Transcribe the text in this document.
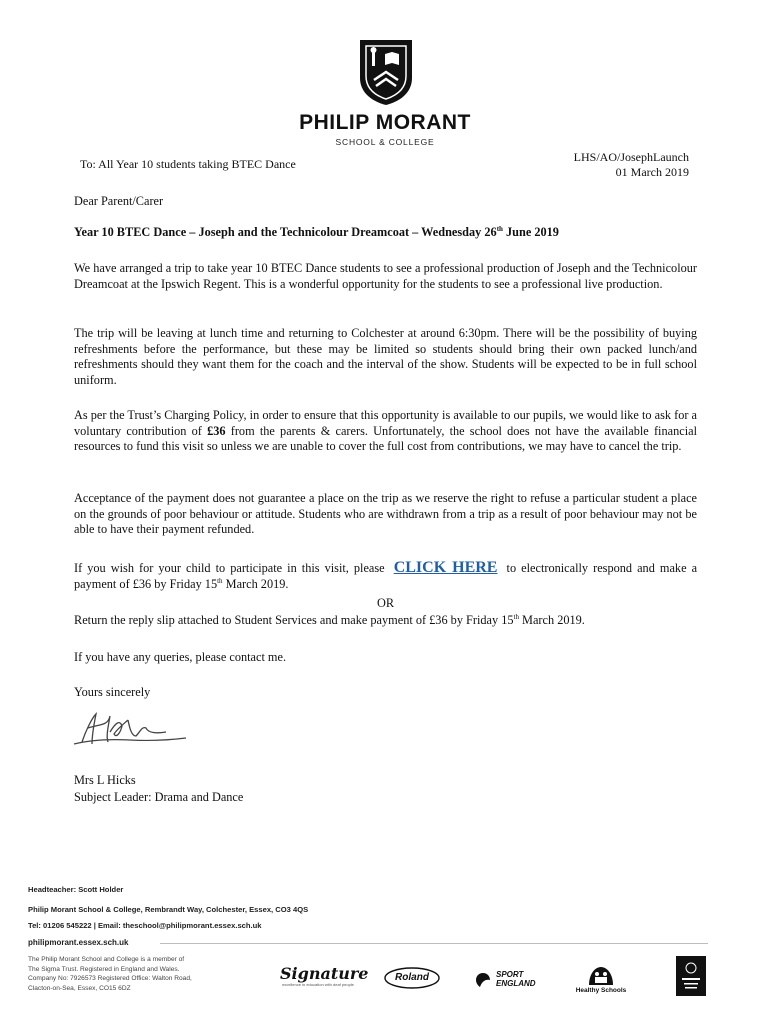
PHILIP MORANT
SCHOOL & COLLEGE
To: All Year 10 students taking BTEC Dance	LHS/AO/JosephLaunch
01 March 2019

Dear Parent/Carer

Year 10 BTEC Dance – Joseph and the Technicolour Dreamcoat – Wednesday 26th June 2019

We have arranged a trip to take year 10 BTEC Dance students to see a professional production of Joseph and the Technicolour Dreamcoat at the Ipswich Regent. This is a wonderful opportunity for the students to see a professional live production.

The trip will be leaving at lunch time and returning to Colchester at around 6:30pm. There will be the possibility of buying refreshments before the performance, but these may be limited so students should bring their own packed lunch/and refreshments should they want them for the coach and the interval of the show. Students will be expected to be in full school uniform.

As per the Trust’s Charging Policy, in order to ensure that this opportunity is available to our pupils, we would like to ask for a voluntary contribution of £36 from the parents & carers. Unfortunately, the school does not have the available financial resources to fund this visit so unless we are unable to cover the full cost from contributions, we may have to cancel the trip.

Acceptance of the payment does not guarantee a place on the trip as we reserve the right to refuse a particular student a place on the grounds of poor behaviour or attitude. Students who are withdrawn from a trip as a result of poor behaviour may not be able to have their payment refunded.

If you wish for your child to participate in this visit, please CLICK HERE to electronically respond and make a payment of £36 by Friday 15th March 2019.

OR

Return the reply slip attached to Student Services and make payment of £36 by Friday 15th March 2019.

If you have any queries, please contact me.

Yours sincerely

Mrs L Hicks

Subject Leader: Drama and Dance

Headteacher: Scott Holder
Philip Morant School & College, Rembrandt Way, Colchester, Essex, CO3 4QS
Tel: 01206 545222 | Email: theschool@philipmorant.essex.sch.uk
philipmorant.essex.sch.uk
The Philip Morant School and College is a member of
The Sigma Trust. Registered in England and Wales.
Company No: 7926573 Registered Office: Walton Road,
Clacton-on-Sea, Essex, CO15 6DZ
Signature
excellence in education with deaf people
Roland	SPORT
ENGLAND
Healthy Schools
